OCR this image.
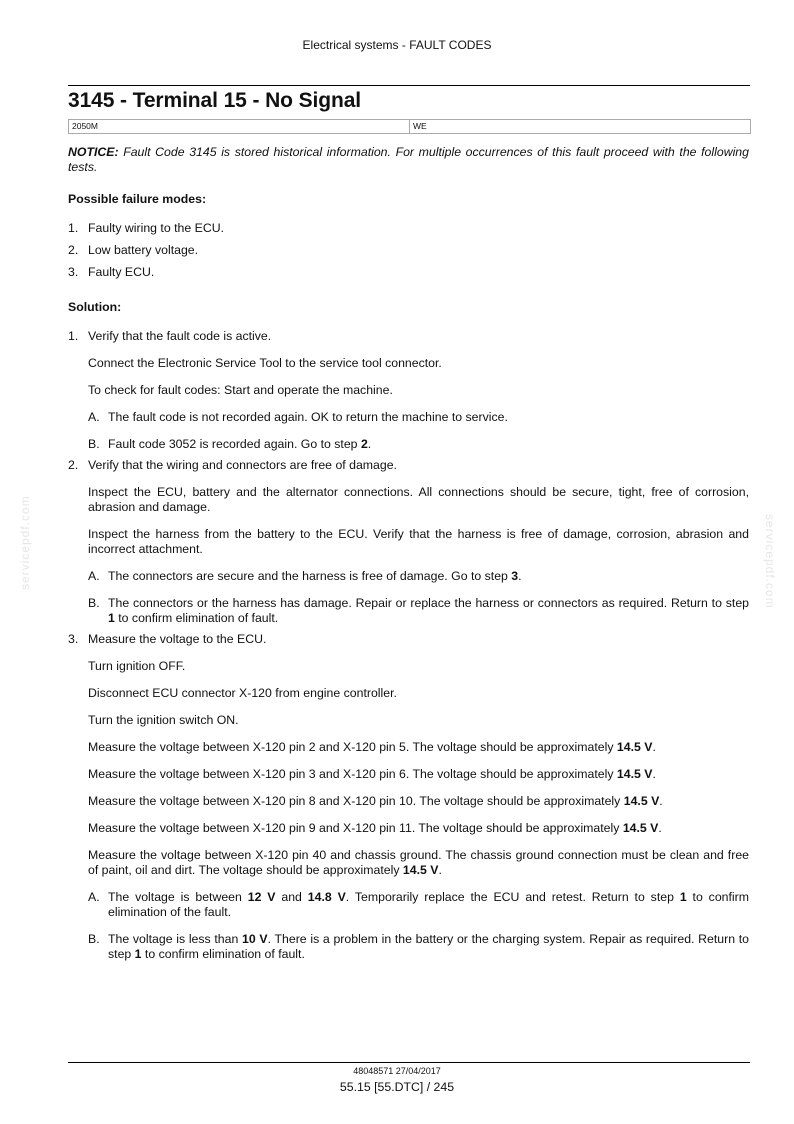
Electrical systems - FAULT CODES
3145 - Terminal 15 - No Signal
2050M	WE

NOTICE: Fault Code 3145 is stored historical information. For multiple occurrences of this fault proceed with the following tests.

Possible failure modes:
1. Faulty wiring to the ECU.
2. Low battery voltage.
3. Faulty ECU.
Solution:
1. Verify that the fault code is active.

Connect the Electronic Service Tool to the service tool connector.

To check for fault codes: Start and operate the machine.

A. The fault code is not recorded again. OK to return the machine to service.
B. Fault code 3052 is recorded again. Go to step 2.
2. Verify that the wiring and connectors are free of damage.

Inspect the ECU, battery and the alternator connections. All connections should be secure, tight, free of corrosion, abrasion and damage.

Inspect the harness from the battery to the ECU. Verify that the harness is free of damage, corrosion, abrasion and incorrect attachment.

A. The connectors are secure and the harness is free of damage. Go to step 3.
B. The connectors or the harness has damage. Repair or replace the harness or connectors as required. Return to step 1 to confirm elimination of fault.
3. Measure the voltage to the ECU.

Turn ignition OFF.

Disconnect ECU connector X-120 from engine controller.

Turn the ignition switch ON.

Measure the voltage between X-120 pin 2 and X-120 pin 5. The voltage should be approximately 14.5 V.

Measure the voltage between X-120 pin 3 and X-120 pin 6. The voltage should be approximately 14.5 V.

Measure the voltage between X-120 pin 8 and X-120 pin 10. The voltage should be approximately 14.5 V.

Measure the voltage between X-120 pin 9 and X-120 pin 11. The voltage should be approximately 14.5 V.

Measure the voltage between X-120 pin 40 and chassis ground. The chassis ground connection must be clean and free of paint, oil and dirt. The voltage should be approximately 14.5 V.

A. The voltage is between 12 V and 14.8 V. Temporarily replace the ECU and retest. Return to step 1 to confirm elimination of the fault.
B. The voltage is less than 10 V. There is a problem in the battery or the charging system. Repair as required. Return to step 1 to confirm elimination of fault.
servicepdf.com	servicepdf.com
48048571 27/04/2017
55.15 [55.DTC] / 245
